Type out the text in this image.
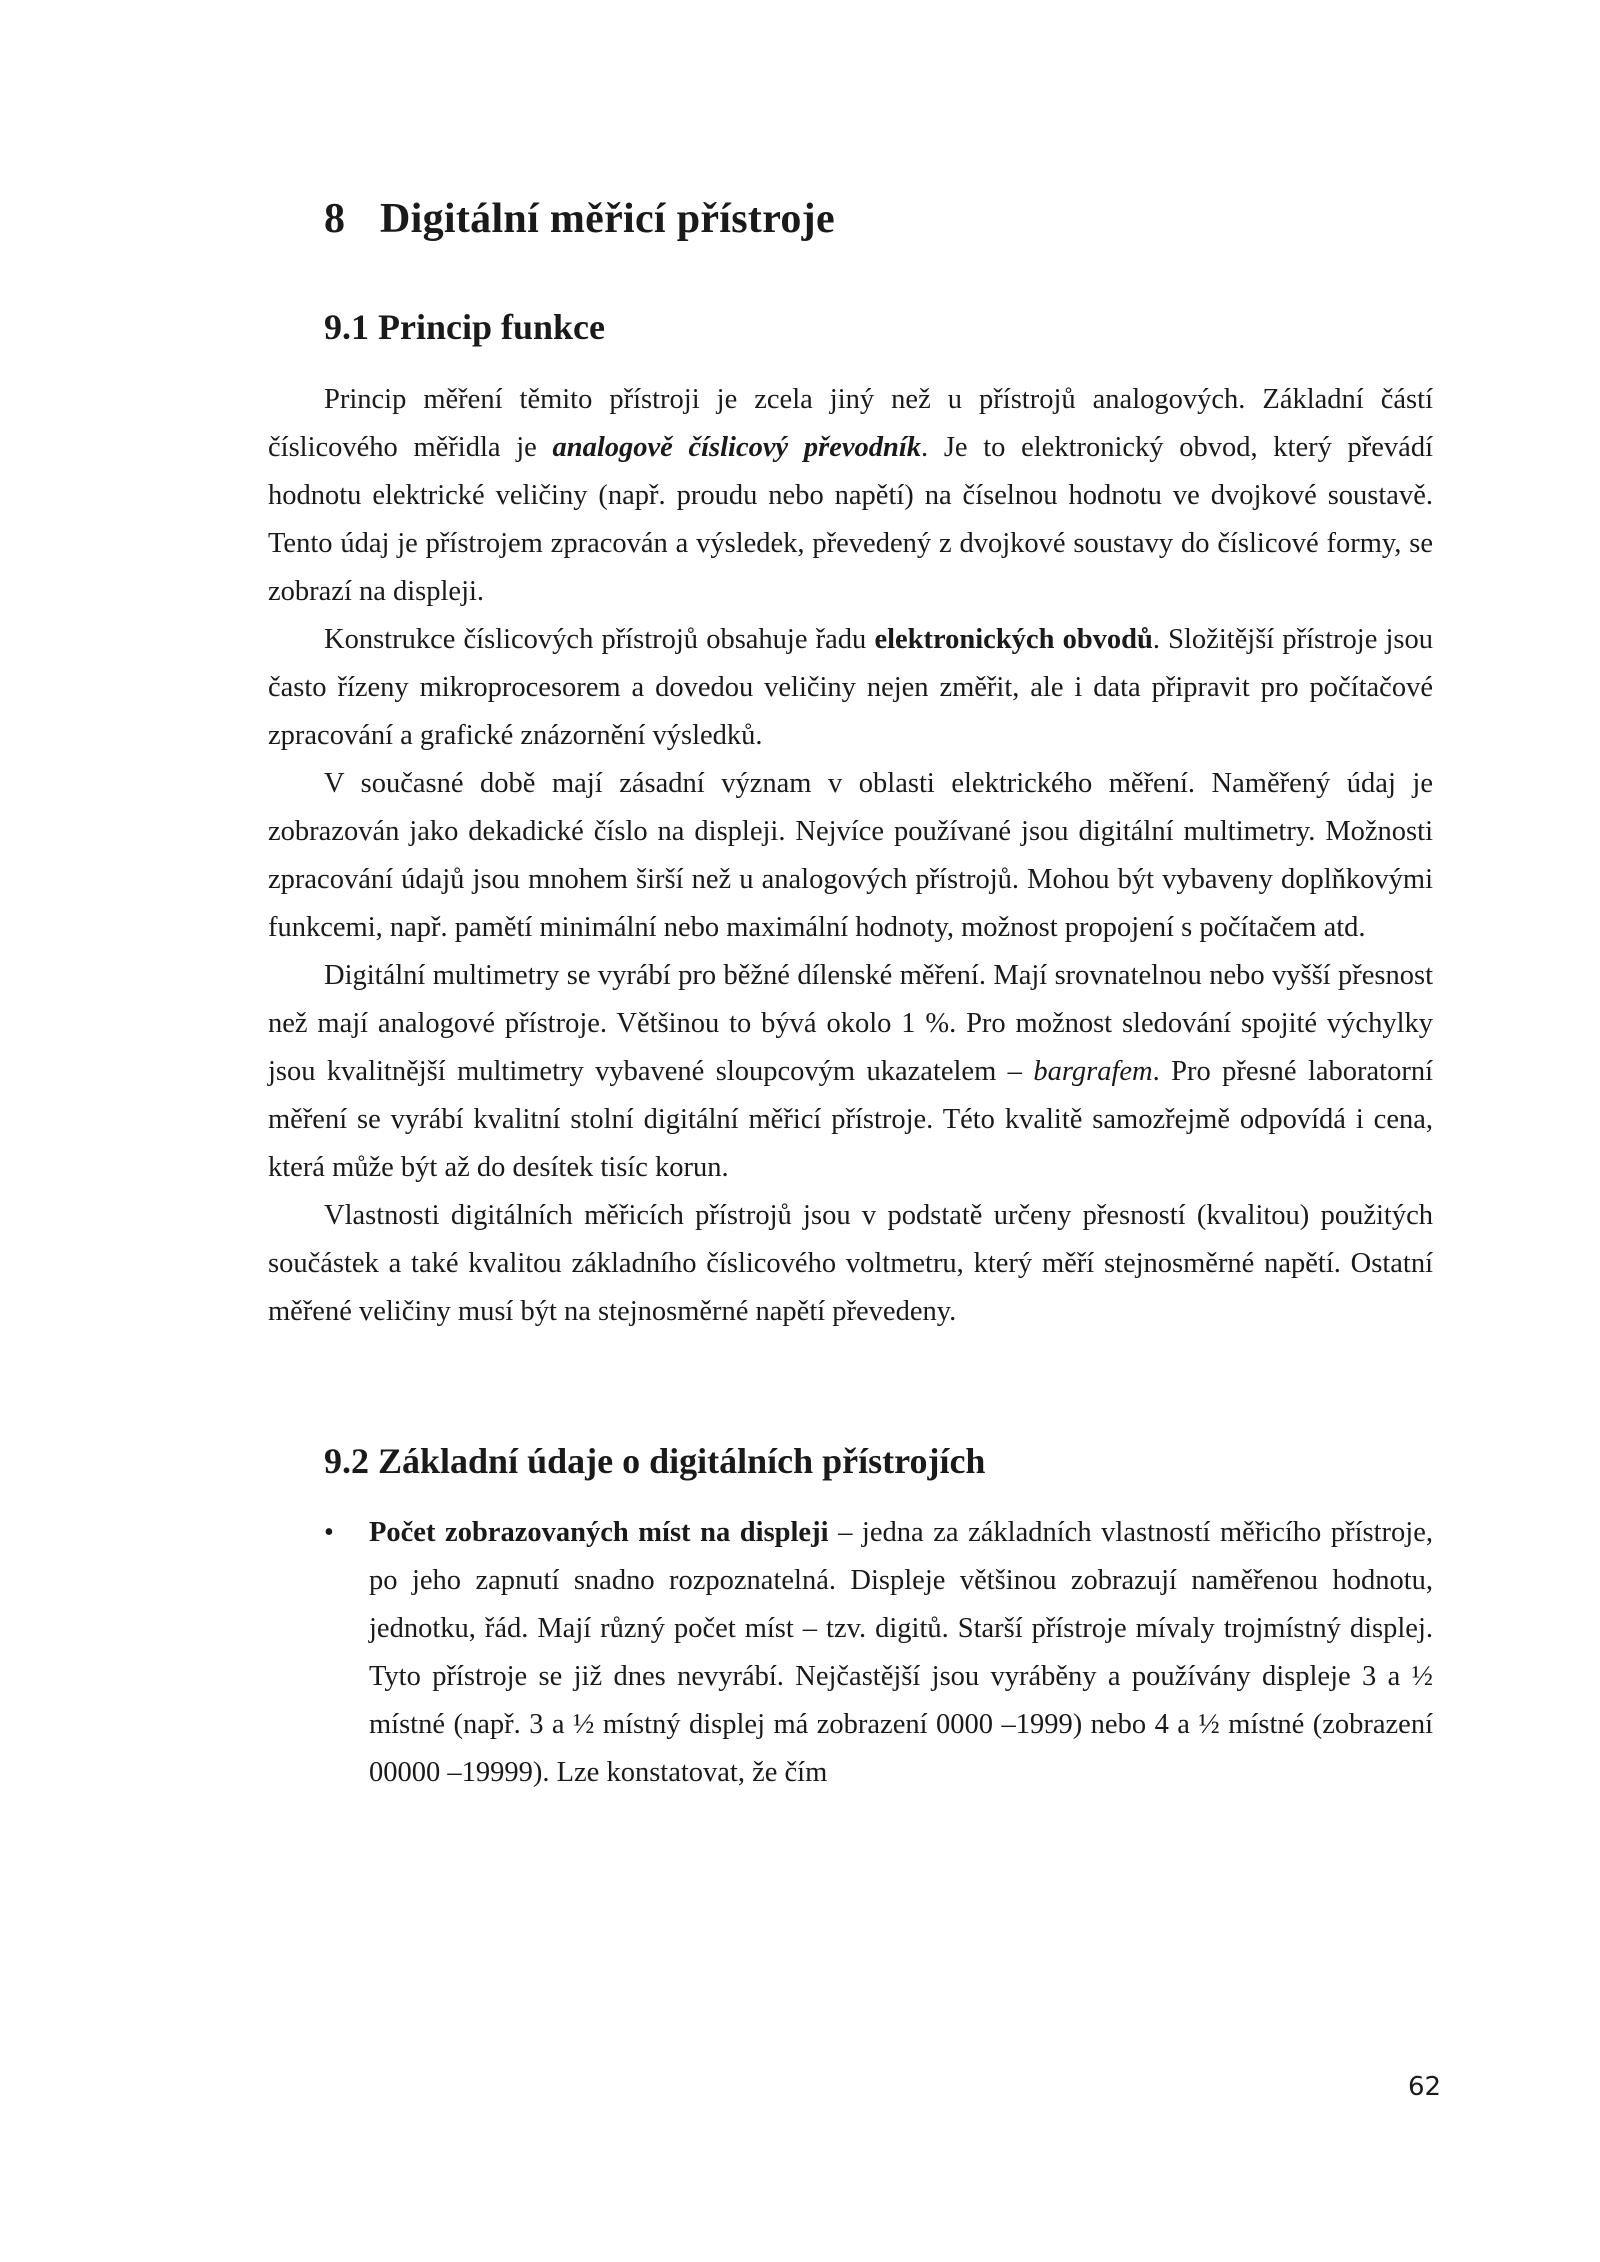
8 Digitální měřicí přístroje
9.1 Princip funkce

Princip měření těmito přístroji je zcela jiný než u přístrojů analogových. Základní částí číslicového měřidla je analogově číslicový převodník. Je to elektronický obvod, který převádí hodnotu elektrické veličiny (např. proudu nebo napětí) na číselnou hodnotu ve dvojkové soustavě. Tento údaj je přístrojem zpracován a výsledek, převedený z dvojkové soustavy do číslicové formy, se zobrazí na displeji.

Konstrukce číslicových přístrojů obsahuje řadu elektronických obvodů. Složitější přístroje jsou často řízeny mikroprocesorem a dovedou veličiny nejen změřit, ale i data připravit pro počítačové zpracování a grafické znázornění výsledků.

V současné době mají zásadní význam v oblasti elektrického měření. Naměřený údaj je zobrazován jako dekadické číslo na displeji. Nejvíce používané jsou digitální multimetry. Možnosti zpracování údajů jsou mnohem širší než u analogových přístrojů. Mohou být vybaveny doplňkovými funkcemi, např. pamětí minimální nebo maximální hodnoty, možnost propojení s počítačem atd.

Digitální multimetry se vyrábí pro běžné dílenské měření. Mají srovnatelnou nebo vyšší přesnost než mají analogové přístroje. Většinou to bývá okolo 1 %. Pro možnost sledování spojité výchylky jsou kvalitnější multimetry vybavené sloupcovým ukazatelem – bargrafem. Pro přesné laboratorní měření se vyrábí kvalitní stolní digitální měřicí přístroje. Této kvalitě samozřejmě odpovídá i cena, která může být až do desítek tisíc korun.

Vlastnosti digitálních měřicích přístrojů jsou v podstatě určeny přesností (kvalitou) použitých součástek a také kvalitou základního číslicového voltmetru, který měří stejnosměrné napětí. Ostatní měřené veličiny musí být na stejnosměrné napětí převedeny.

9.2 Základní údaje o digitálních přístrojích
• Počet zobrazovaných míst na displeji – jedna za základních vlastností měřicího přístroje, po jeho zapnutí snadno rozpoznatelná. Displeje většinou zobrazují naměřenou hodnotu, jednotku, řád. Mají různý počet míst – tzv. digitů. Starší přístroje mívaly trojmístný displej. Tyto přístroje se již dnes nevyrábí. Nejčastější jsou vyráběny a používány displeje 3 a ½ místné (např. 3 a ½ místný displej má zobrazení 0000 –1999) nebo 4 a ½ místné (zobrazení 00000 –19999). Lze konstatovat, že čím
62
